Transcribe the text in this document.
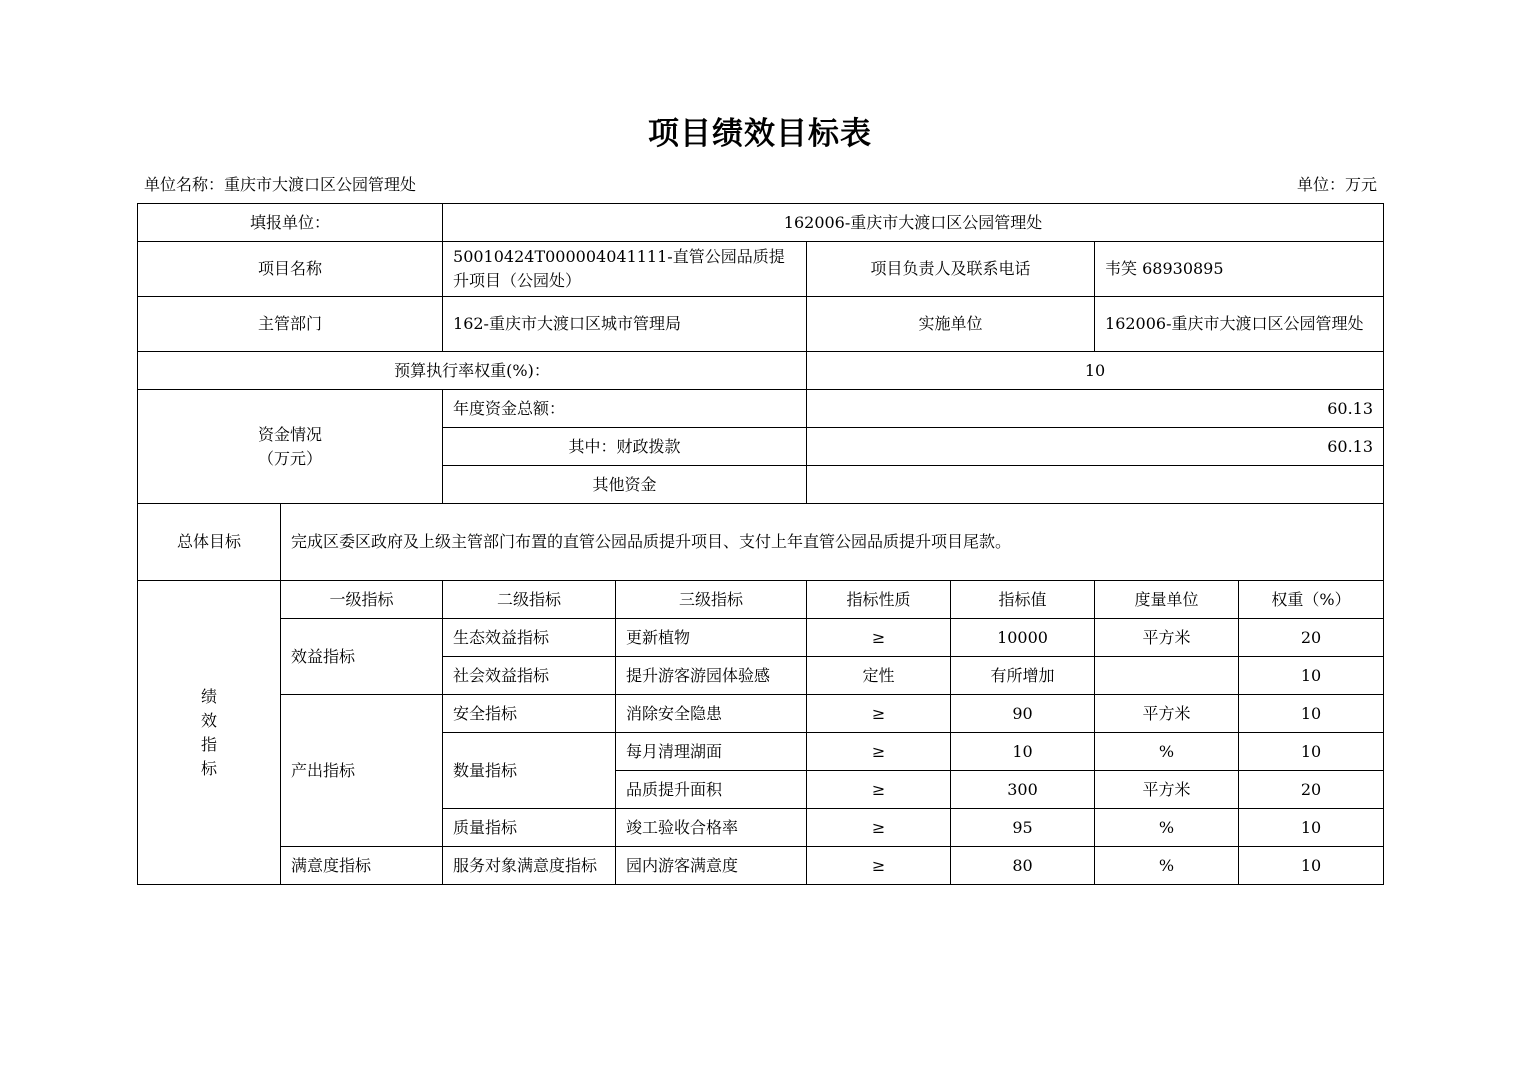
项目绩效目标表
单位名称：重庆市大渡口区公园管理处	单位：万元
填报单位：		162006-重庆市大渡口区公园管理处					
项目名称		50010424T000004041111-直管公园品质提升项目（公园处）		项目负责人及联系电话		韦笑 68930895	
主管部门		162-重庆市大渡口区城市管理局		实施单位		162006-重庆市大渡口区公园管理处	
预算执行率权重(%)：				10			

资金情况
（万元）		年度资金总额：		60.13			
		其中：财政拨款		60.13			
		其他资金					
总体目标	完成区委区政府及上级主管部门布置的直管公园品质提升项目、支付上年直管公园品质提升项目尾款。						

绩
效
指
标	一级指标	二级指标	三级指标	指标性质	指标值	度量单位	权重（%）
	效益指标	生态效益指标	更新植物	≥	10000	平方米	20
		社会效益指标	提升游客游园体验感	定性	有所增加		10
	产出指标	安全指标	消除安全隐患	≥	90	平方米	10
		数量指标	每月清理湖面	≥	10	%	10
			品质提升面积	≥	300	平方米	20
		质量指标	竣工验收合格率	≥	95	%	10
	满意度指标	服务对象满意度指标	园内游客满意度	≥	80	%	10
